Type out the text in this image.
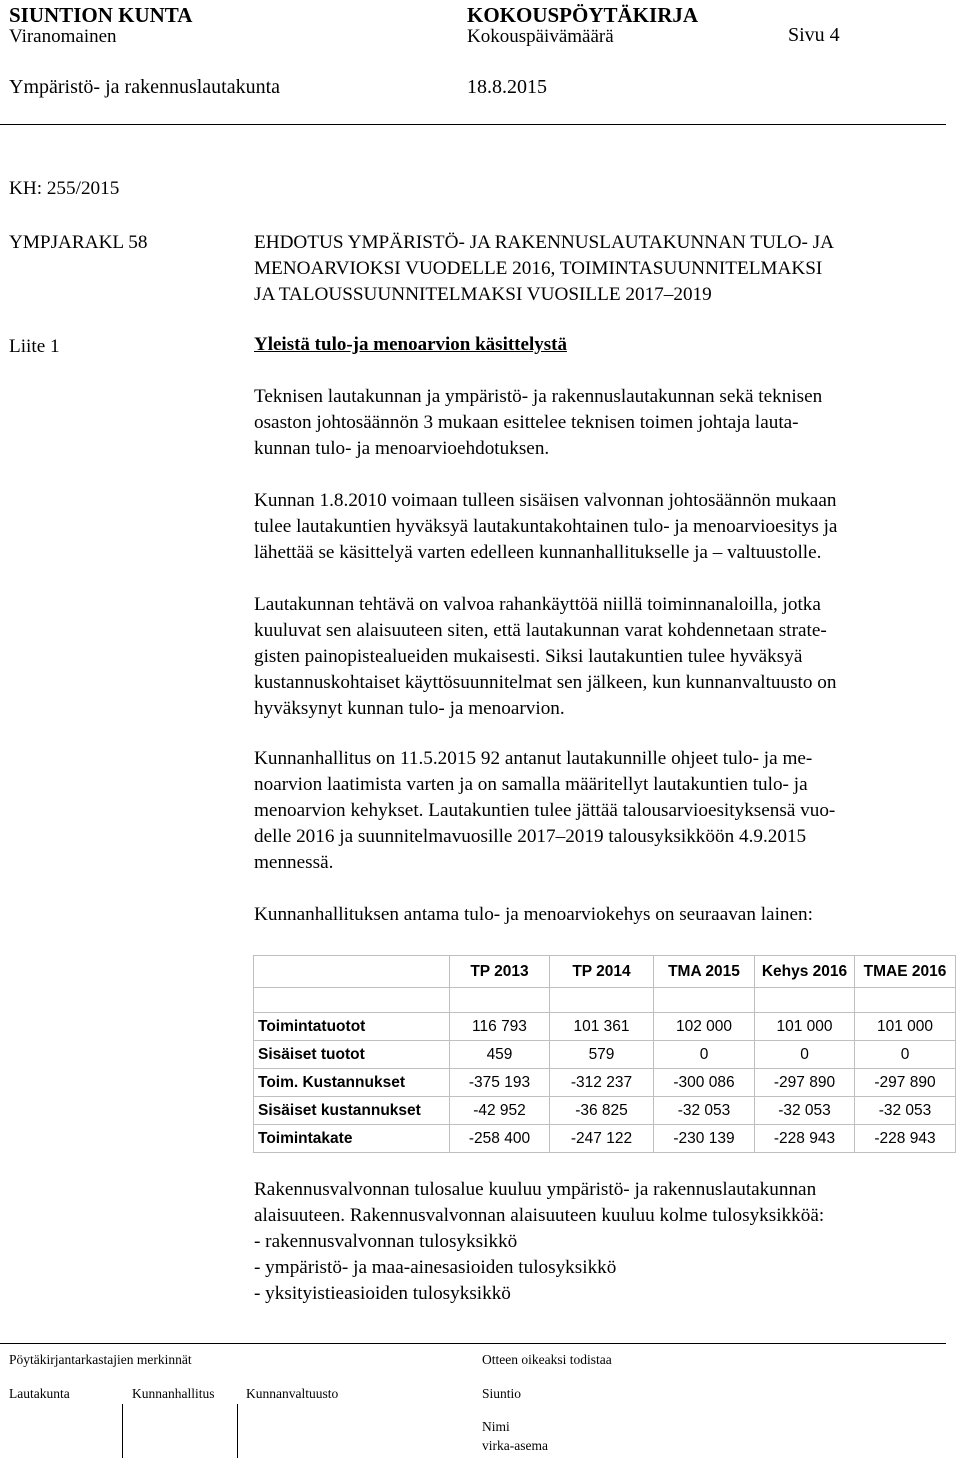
SIUNTION KUNTA	KOKOUSPÖYTÄKIRJA
Viranomainen	Kokouspäivämäärä	Sivu 4
Ympäristö- ja rakennuslautakunta	18.8.2015
KH: 255/2015
YMPJARAKL 58
Liite 1

EHDOTUS YMPÄRISTÖ- JA RAKENNUSLAUTAKUNNAN TULO- JA

MENOARVIOKSI VUODELLE 2016, TOIMINTASUUNNITELMAKSI

JA TALOUSSUUNNITELMAKSI VUOSILLE 2017–2019

Yleistä tulo-ja menoarvion käsittelystä

Teknisen lautakunnan ja ympäristö- ja rakennuslautakunnan sekä teknisen

osaston johtosäännön 3 mukaan esittelee teknisen toimen johtaja lauta-

kunnan tulo- ja menoarvioehdotuksen.

Kunnan 1.8.2010 voimaan tulleen sisäisen valvonnan johtosäännön mukaan

tulee lautakuntien hyväksyä lautakuntakohtainen tulo- ja menoarvioesitys ja

lähettää se käsittelyä varten edelleen kunnanhallitukselle ja – valtuustolle.

Lautakunnan tehtävä on valvoa rahankäyttöä niillä toiminnanaloilla, jotka

kuuluvat sen alaisuuteen siten, että lautakunnan varat kohdennetaan strate-

gisten painopistealueiden mukaisesti. Siksi lautakuntien tulee hyväksyä

kustannuskohtaiset käyttösuunnitelmat sen jälkeen, kun kunnanvaltuusto on

hyväksynyt kunnan tulo- ja menoarvion.

Kunnanhallitus on 11.5.2015 92 antanut lautakunnille ohjeet tulo- ja me-

noarvion laatimista varten ja on samalla määritellyt lautakuntien tulo- ja

menoarvion kehykset. Lautakuntien tulee jättää talousarvioesityksensä vuo-

delle 2016 ja suunnitelmavuosille 2017–2019 talousyksikköön 4.9.2015

mennessä.

Kunnanhallituksen antama tulo- ja menoarviokehys on seuraavan lainen:

	TP 2013	TP 2014	TMA 2015	Kehys 2016	TMAE 2016

Toimintatuotot	116 793	101 361	102 000	101 000	101 000
Sisäiset tuotot	459	579	0	0	0
Toim. Kustannukset	-375 193	-312 237	-300 086	-297 890	-297 890
Sisäiset kustannukset	-42 952	-36 825	-32 053	-32 053	-32 053
Toimintakate	-258 400	-247 122	-230 139	-228 943	-228 943

Rakennusvalvonnan tulosalue kuuluu ympäristö- ja rakennuslautakunnan

alaisuuteen. Rakennusvalvonnan alaisuuteen kuuluu kolme tulosyksikköä:

- rakennusvalvonnan tulosyksikkö

- ympäristö- ja maa-ainesasioiden tulosyksikkö

- yksityistieasioiden tulosyksikkö

Pöytäkirjantarkastajien merkinnät	Otteen oikeaksi todistaa
Lautakunta	Kunnanhallitus Kunnanvaltuusto	Siuntio
Nimi
virka-asema
